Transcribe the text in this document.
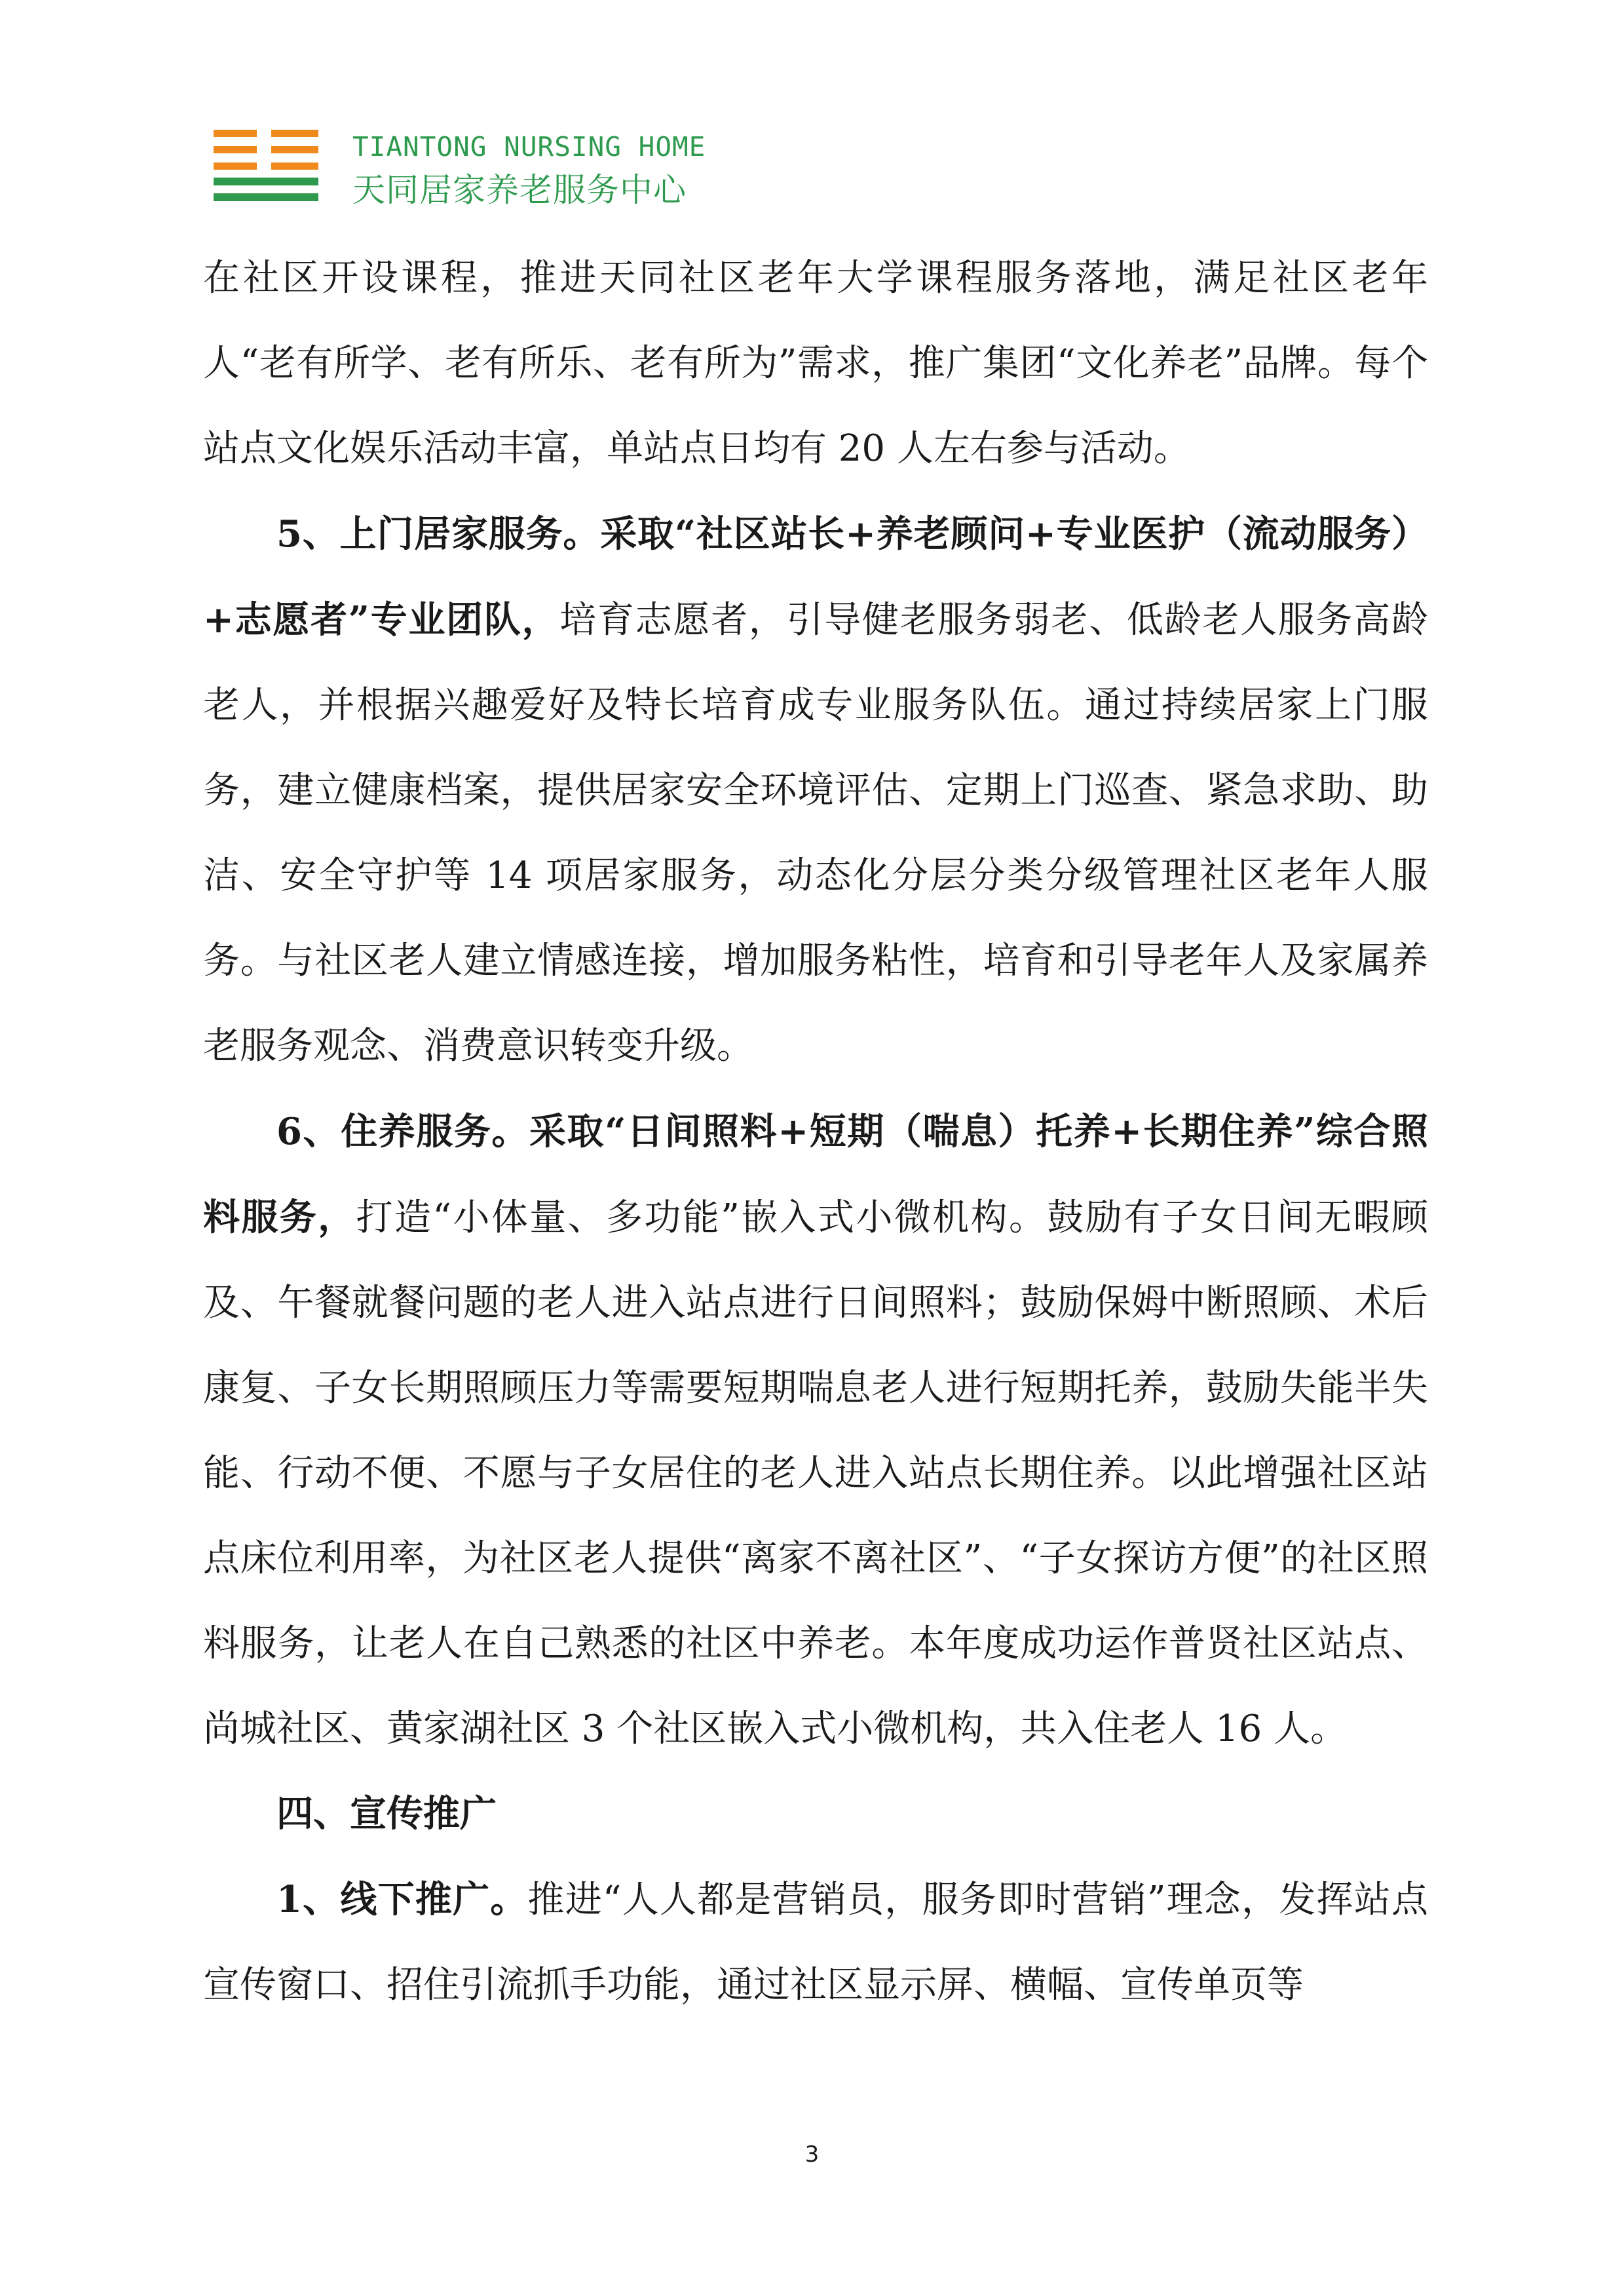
TIANTONG NURSING HOME
天同居家养老服务中心

在社区开设课程，推进天同社区老年大学课程服务落地，满足社区老年人“老有所学、老有所乐、老有所为”需求，推广集团“文化养老”品牌。每个站点文化娱乐活动丰富，单站点日均有 20 人左右参与活动。

5、上门居家服务。采取“社区站长+养老顾问+专业医护（流动服务）+志愿者”专业团队，培育志愿者，引导健老服务弱老、低龄老人服务高龄老人，并根据兴趣爱好及特长培育成专业服务队伍。通过持续居家上门服务，建立健康档案，提供居家安全环境评估、定期上门巡查、紧急求助、助洁、安全守护等 14 项居家服务，动态化分层分类分级管理社区老年人服务。与社区老人建立情感连接，增加服务粘性，培育和引导老年人及家属养老服务观念、消费意识转变升级。

6、住养服务。采取“日间照料+短期（喘息）托养+长期住养”综合照料服务，打造“小体量、多功能”嵌入式小微机构。鼓励有子女日间无暇顾及、午餐就餐问题的老人进入站点进行日间照料；鼓励保姆中断照顾、术后康复、子女长期照顾压力等需要短期喘息老人进行短期托养，鼓励失能半失能、行动不便、不愿与子女居住的老人进入站点长期住养。以此增强社区站点床位利用率，为社区老人提供“离家不离社区”、“子女探访方便”的社区照料服务，让老人在自己熟悉的社区中养老。本年度成功运作普贤社区站点、尚城社区、黄家湖社区 3 个社区嵌入式小微机构，共入住老人 16 人。

四、宣传推广

1、线下推广。推进“人人都是营销员，服务即时营销”理念，发挥站点宣传窗口、招住引流抓手功能，通过社区显示屏、横幅、宣传单页等

3
